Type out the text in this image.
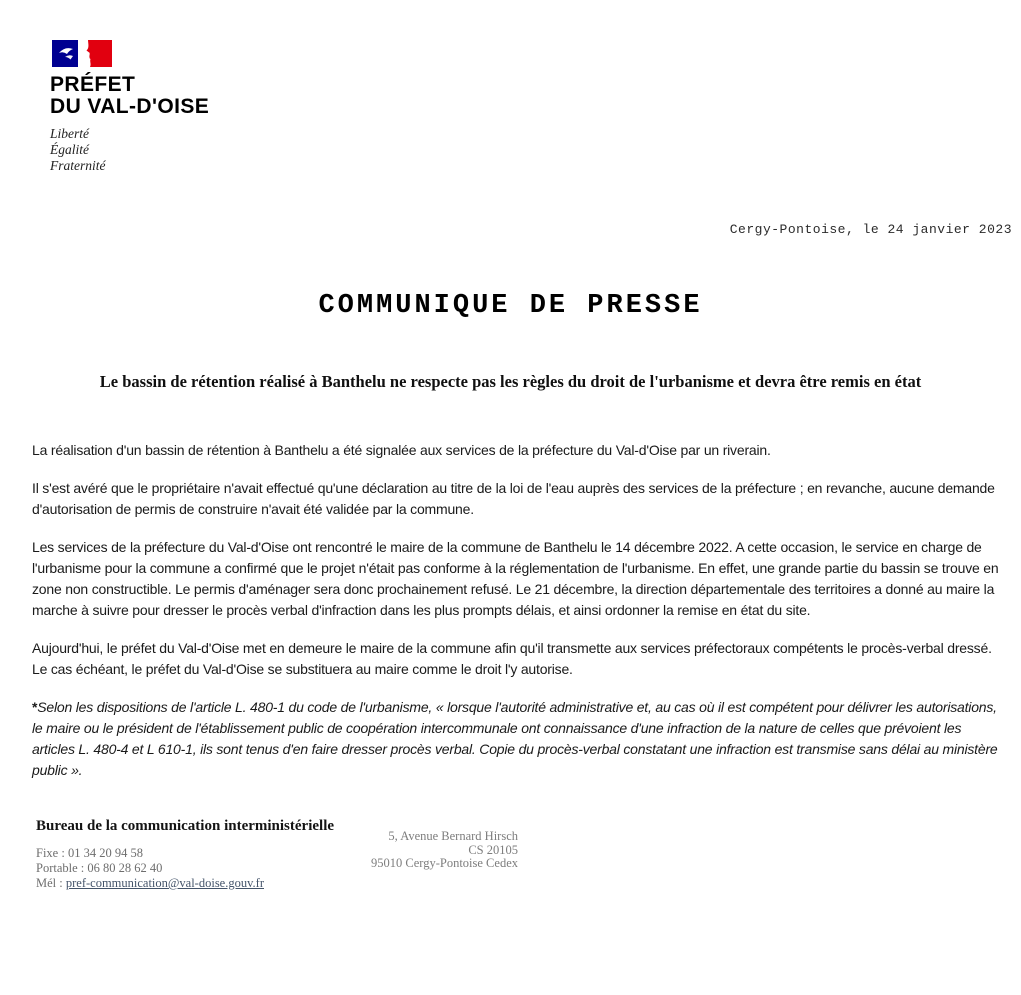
PRÉFET
DU VAL-D'OISE
Liberté
Égalité
Fraternité
Cergy-Pontoise, le 24 janvier 2023
COMMUNIQUE DE PRESSE
Le bassin de rétention réalisé à Banthelu ne respecte pas les règles du droit de l'urbanisme et devra être remis en état

La réalisation d'un bassin de rétention à Banthelu a été signalée aux services de la préfecture du Val-d'Oise par un riverain.

Il s'est avéré que le propriétaire n'avait effectué qu'une déclaration au titre de la loi de l'eau auprès des services de la préfecture ; en revanche, aucune demande d'autorisation de permis de construire n'avait été validée par la commune.

Les services de la préfecture du Val-d'Oise ont rencontré le maire de la commune de Banthelu le 14 décembre 2022. A cette occasion, le service en charge de l'urbanisme pour la commune a confirmé que le projet n'était pas conforme à la réglementation de l'urbanisme. En effet, une grande partie du bassin se trouve en zone non constructible. Le permis d'aménager sera donc prochainement refusé. Le 21 décembre, la direction départementale des territoires a donné au maire la marche à suivre pour dresser le procès verbal d'infraction dans les plus prompts délais, et ainsi ordonner la remise en état du site.

Aujourd'hui, le préfet du Val-d'Oise met en demeure le maire de la commune afin qu'il transmette aux services préfectoraux compétents le procès-verbal dressé. Le cas échéant, le préfet du Val-d'Oise se substituera au maire comme le droit l'y autorise.

*Selon les dispositions de l'article L. 480-1 du code de l'urbanisme, « lorsque l'autorité administrative et, au cas où il est compétent pour délivrer les autorisations, le maire ou le président de l'établissement public de coopération intercommunale ont connaissance d'une infraction de la nature de celles que prévoient les articles L. 480-4 et L 610-1, ils sont tenus d'en faire dresser procès verbal. Copie du procès-verbal constatant une infraction est transmise sans délai au ministère public ».

Bureau de la communication interministérielle
Fixe : 01 34 20 94 58
Portable : 06 80 28 62 40
Mél : pref-communication@val-doise.gouv.fr
5, Avenue Bernard Hirsch
CS 20105
95010 Cergy-Pontoise Cedex
